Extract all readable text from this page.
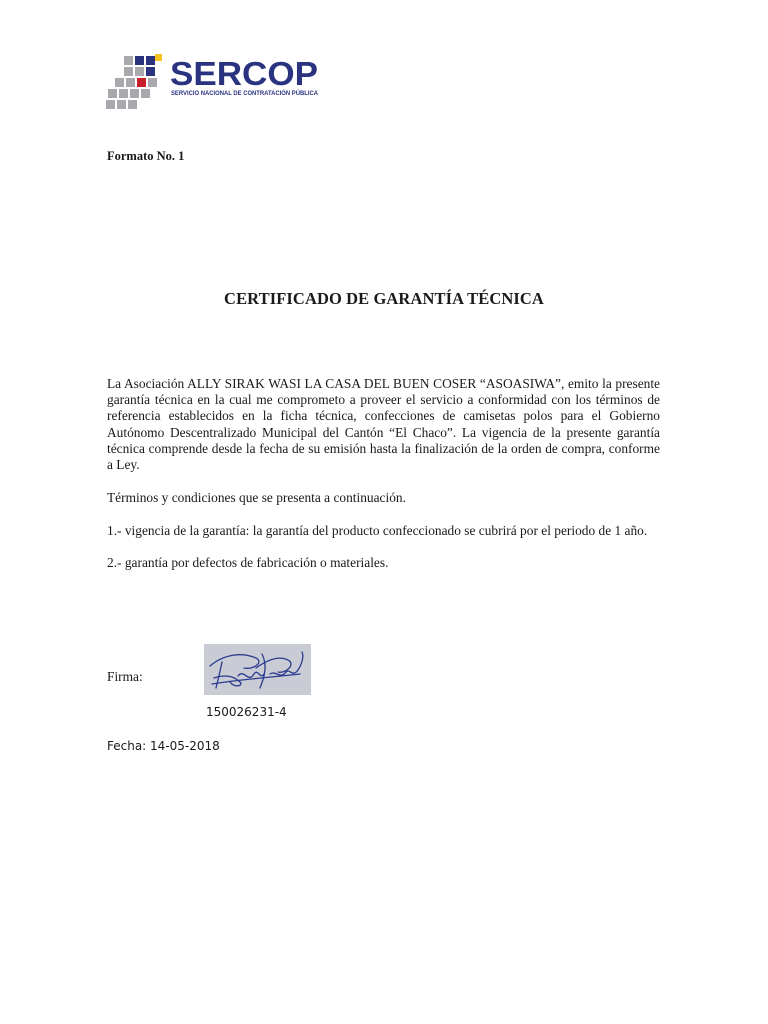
SERCOP
SERVICIO NACIONAL DE CONTRATACIÓN PÚBLICA
Formato No. 1
CERTIFICADO DE GARANTÍA TÉCNICA
La Asociación ALLY SIRAK WASI LA CASA DEL BUEN COSER “ASOASIWA”, emito la presente garantía técnica en la cual me comprometo a proveer el servicio a conformidad con los términos de referencia establecidos en la ficha técnica, confecciones de camisetas polos para el Gobierno Autónomo Descentralizado Municipal del Cantón “El Chaco”. La vigencia de la presente garantía técnica comprende desde la fecha de su emisión hasta la finalización de la orden de compra, conforme a Ley.
Términos y condiciones que se presenta a continuación.
1.- vigencia de la garantía: la garantía del producto confeccionado se cubrirá por el periodo de 1 año.
2.- garantía por defectos de fabricación o materiales.
Firma:
150026231-4
Fecha: 14-05-2018
